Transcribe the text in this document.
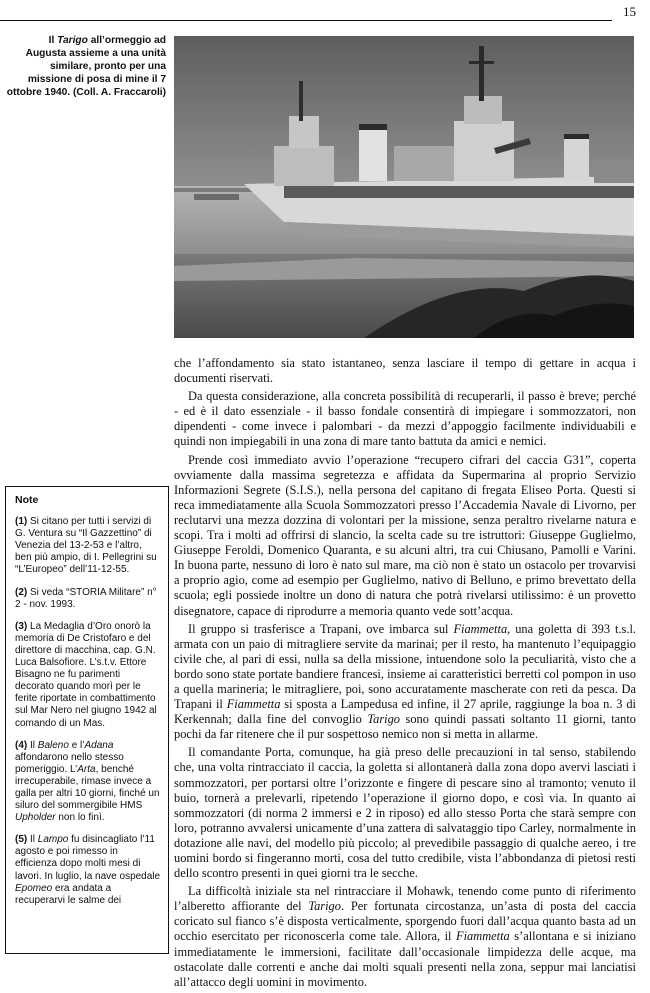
15
Il Tarigo all’ormeggio ad Augusta assieme a una unità similare, pronto per una missione di posa di mine il 7 ottobre 1940. (Coll. A. Fraccaroli)
Note
(1) Si citano per tutti i servizi di G. Ventura su “Il Gazzettino” di Venezia del 13-2-53 e l’altro, ben più ampio, di I. Pellegrini su “L’Europeo” dell’11-12-55.
(2) Si veda “STORIA Militare” n° 2 - nov. 1993.
(3) La Medaglia d’Oro onorò la memoria di De Cristofaro e del direttore di macchina, cap. G.N. Luca Balsofiore. L’s.t.v. Ettore Bisagno ne fu parimenti decorato quando morì per le ferite riportate in combattimento sul Mar Nero nel giugno 1942 al comando di un Mas.
(4) Il Baleno e l’Adana affondarono nello stesso pomeriggio. L’Arta, benché irrecuperabile, rimase invece a galla per altri 10 giorni, finché un siluro del sommergibile HMS Upholder non lo finì.
(5) Il Lampo fu disincagliato l’11 agosto e poi rimesso in efficienza dopo molti mesi di lavori. In luglio, la nave ospedale Epomeo era andata a recuperarvi le salme dei

che l’affondamento sia stato istantaneo, senza lasciare il tempo di gettare in acqua i documenti riservati.

Da questa considerazione, alla concreta possibilità di recuperarli, il passo è breve; perché - ed è il dato essenziale - il basso fondale consentirà di impiegare i sommozzatori, non dipendenti - come invece i palombari - da mezzi d’appoggio facilmente individuabili e quindi non impiegabili in una zona di mare tanto battuta da amici e nemici.

Prende così immediato avvio l’operazione “recupero cifrari del caccia G31”, coperta ovviamente dalla massima segretezza e affidata da Supermarina al proprio Servizio Informazioni Segrete (S.I.S.), nella persona del capitano di fregata Eliseo Porta. Questi si reca immediatamente alla Scuola Sommozzatori presso l’Accademia Navale di Livorno, per reclutarvi una mezza dozzina di volontari per la missione, senza peraltro rivelarne natura e scopi. Tra i molti ad offrirsi di slancio, la scelta cade su tre istruttori: Giuseppe Guglielmo, Giuseppe Feroldi, Domenico Quaranta, e su alcuni altri, tra cui Chiusano, Pamolli e Varini. In buona parte, nessuno di loro è nato sul mare, ma ciò non è stato un ostacolo per trovarvisi a proprio agio, come ad esempio per Guglielmo, nativo di Belluno, e primo brevettato della scuola; egli possiede inoltre un dono di natura che potrà rivelarsi utilissimo: è un provetto disegnatore, capace di riprodurre a memoria quanto vede sott’acqua.

Il gruppo si trasferisce a Trapani, ove imbarca sul Fiammetta, una goletta di 393 t.s.l. armata con un paio di mitragliere servite da marinai; per il resto, ha mantenuto l’equipaggio civile che, al pari di essi, nulla sa della missione, intuendone solo la peculiarità, visto che a bordo sono state portate bandiere francesi, insieme ai caratteristici berretti col pompon in uso a quella marineria; le mitragliere, poi, sono accuratamente mascherate con reti da pesca. Da Trapani il Fiammetta si sposta a Lampedusa ed infine, il 27 aprile, raggiunge la boa n. 3 di Kerkennah; dalla fine del convoglio Tarigo sono quindi passati soltanto 11 giorni, tanto pochi da far ritenere che il pur sospettoso nemico non si metta in allarme.

Il comandante Porta, comunque, ha già preso delle precauzioni in tal senso, stabilendo che, una volta rintracciato il caccia, la goletta si allontanerà dalla zona dopo avervi lasciati i sommozzatori, per portarsi oltre l’orizzonte e fingere di pescare sino al tramonto; venuto il buio, tornerà a prelevarli, ripetendo l’operazione il giorno dopo, e così via. In quanto ai sommozzatori (di norma 2 immersi e 2 in riposo) ed allo stesso Porta che starà sempre con loro, potranno avvalersi unicamente d’una zattera di salvataggio tipo Carley, normalmente in dotazione alle navi, del modello più piccolo; al prevedibile passaggio di qualche aereo, i tre uomini bordo si fingeranno morti, cosa del tutto credibile, vista l’abbondanza di pietosi resti dello scontro presenti in quei giorni tra le secche.

La difficoltà iniziale sta nel rintracciare il Mohawk, tenendo come punto di riferimento l’alberetto affiorante del Tarigo. Per fortunata circostanza, un’asta di posta del caccia coricato sul fianco s’è disposta verticalmente, sporgendo fuori dall’acqua quanto basta ad un occhio esercitato per riconoscerla come tale. Allora, il Fiammetta s’allontana e si iniziano immediatamente le immersioni, facilitate dall’occasionale limpidezza delle acque, ma ostacolate dalle correnti e anche dai molti squali presenti nella zona, seppur mai lanciatisi all’attacco degli uomini in movimento.
